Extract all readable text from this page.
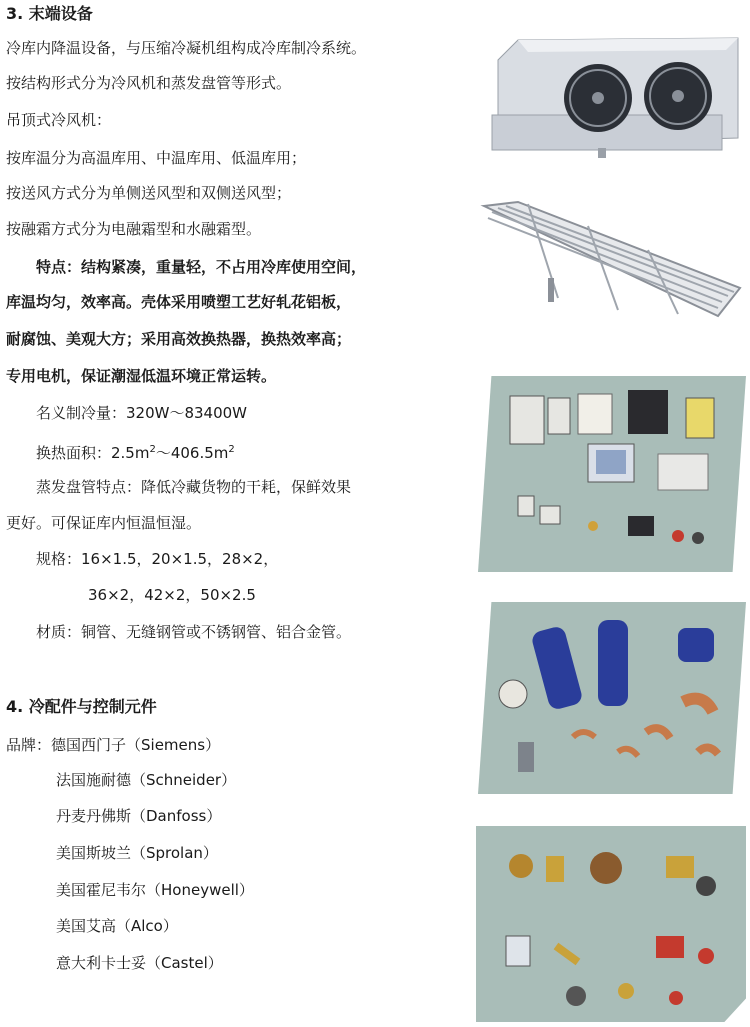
3. 末端设备
冷库内降温设备，与压缩冷凝机组构成冷库制冷系统。
按结构形式分为冷风机和蒸发盘管等形式。
吊顶式冷风机：
按库温分为高温库用、中温库用、低温库用；
按送风方式分为单侧送风型和双侧送风型；
按融霜方式分为电融霜型和水融霜型。
特点：结构紧凑，重量轻，不占用冷库使用空间，
库温均匀，效率高。壳体采用喷塑工艺好轧花铝板，
耐腐蚀、美观大方；采用高效换热器，换热效率高；
专用电机，保证潮湿低温环境正常运转。
名义制冷量：320W～83400W
换热面积：$2.5m^2\sim 406.5m^2$
蒸发盘管特点：降低冷藏货物的干耗，保鲜效果
更好。可保证库内恒温恒湿。
规格：16×1.5，20×1.5，28×2，
36×2，42×2，50×2.5
材质：铜管、无缝钢管或不锈钢管、铝合金管。
4. 冷配件与控制元件
品牌：德国西门子（Siemens）
法国施耐德（Schneider）
丹麦丹佛斯（Danfoss）
美国斯坡兰（Sprolan）
美国霍尼韦尔（Honeywell）
美国艾高（Alco）
意大利卡士妥（Castel）
